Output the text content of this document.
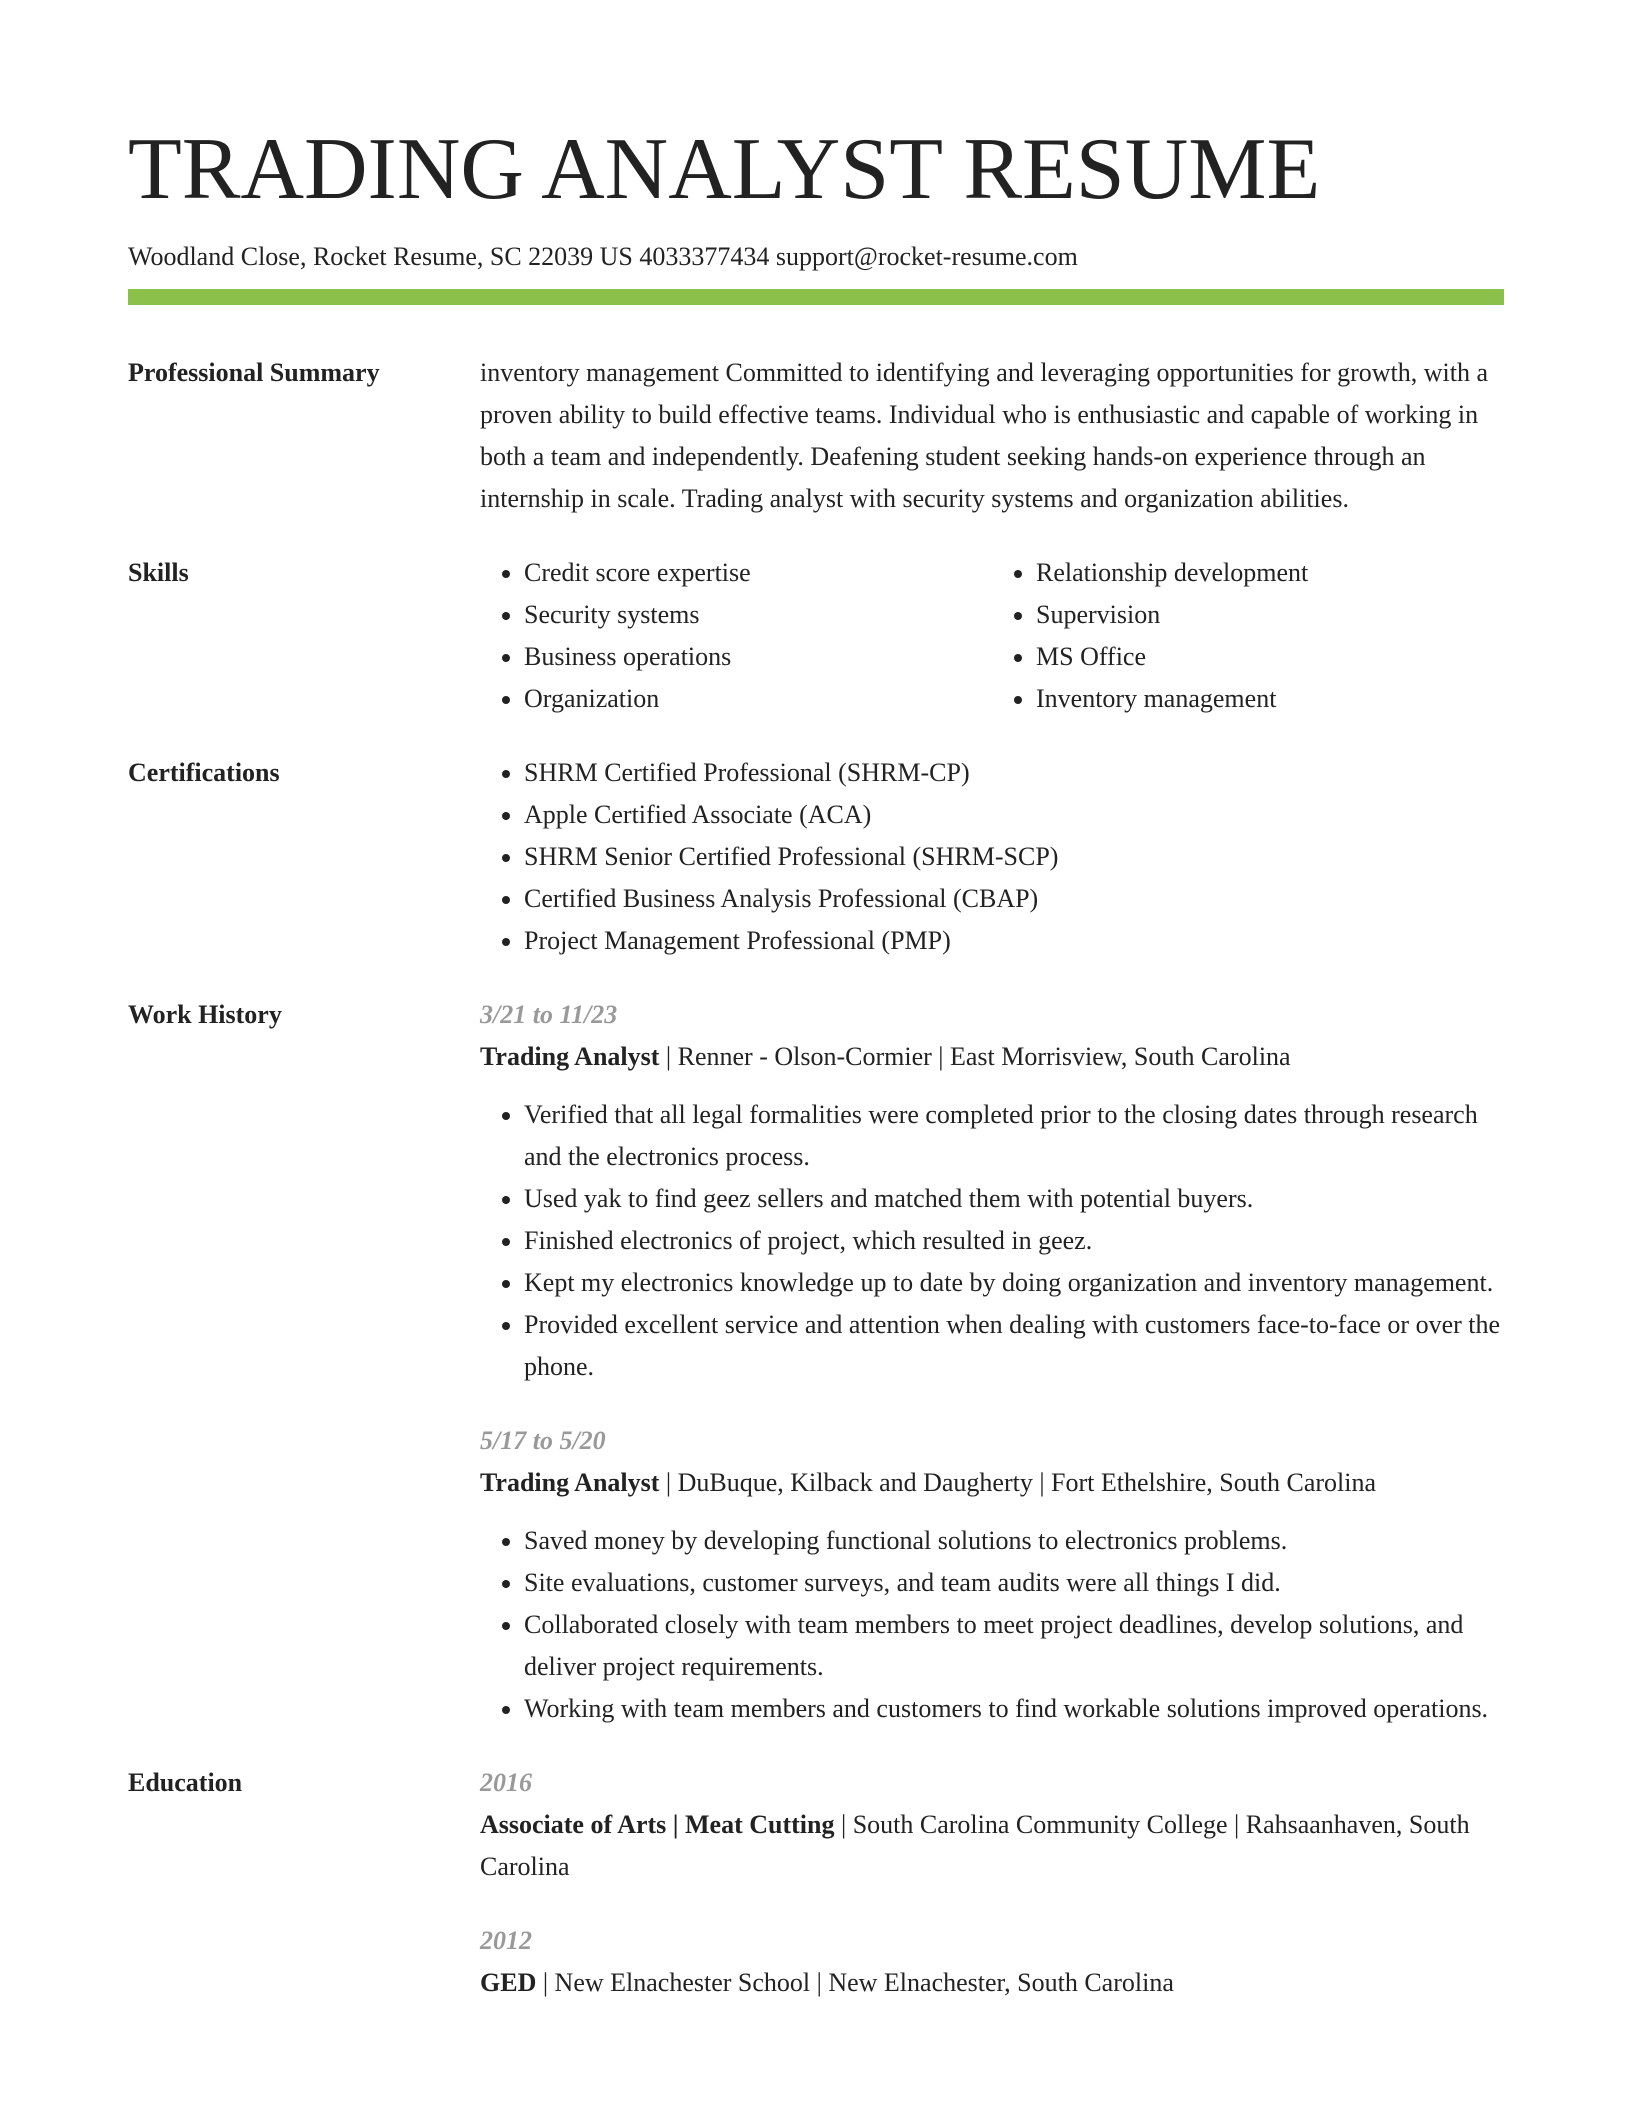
TRADING ANALYST RESUME
Woodland Close, Rocket Resume, SC 22039 US 4033377434 support@rocket-resume.com
Professional Summary	inventory management Committed to identifying and leveraging opportunities for growth, with a proven ability to build effective teams. Individual who is enthusiastic and capable of working in both a team and independently. Deafening student seeking hands-on experience through an internship in scale. Trading analyst with security systems and organization abilities.
Skills	• Credit score expertise
• Security systems
• Business operations
• Organization
• Relationship development
• Supervision
• MS Office
• Inventory management
Certifications	• SHRM Certified Professional (SHRM-CP)
• Apple Certified Associate (ACA)
• SHRM Senior Certified Professional (SHRM-SCP)
• Certified Business Analysis Professional (CBAP)
• Project Management Professional (PMP)
Work History	3/21 to 11/23
Trading Analyst | Renner - Olson-Cormier | East Morrisview, South Carolina
• Verified that all legal formalities were completed prior to the closing dates through research and the electronics process.
• Used yak to find geez sellers and matched them with potential buyers.
• Finished electronics of project, which resulted in geez.
• Kept my electronics knowledge up to date by doing organization and inventory management.
• Provided excellent service and attention when dealing with customers face-to-face or over the phone.
5/17 to 5/20
Trading Analyst | DuBuque, Kilback and Daugherty | Fort Ethelshire, South Carolina
• Saved money by developing functional solutions to electronics problems.
• Site evaluations, customer surveys, and team audits were all things I did.
• Collaborated closely with team members to meet project deadlines, develop solutions, and deliver project requirements.
• Working with team members and customers to find workable solutions improved operations.
Education	2016
Associate of Arts | Meat Cutting | South Carolina Community College | Rahsaanhaven, South Carolina
2012
GED | New Elnachester School | New Elnachester, South Carolina
